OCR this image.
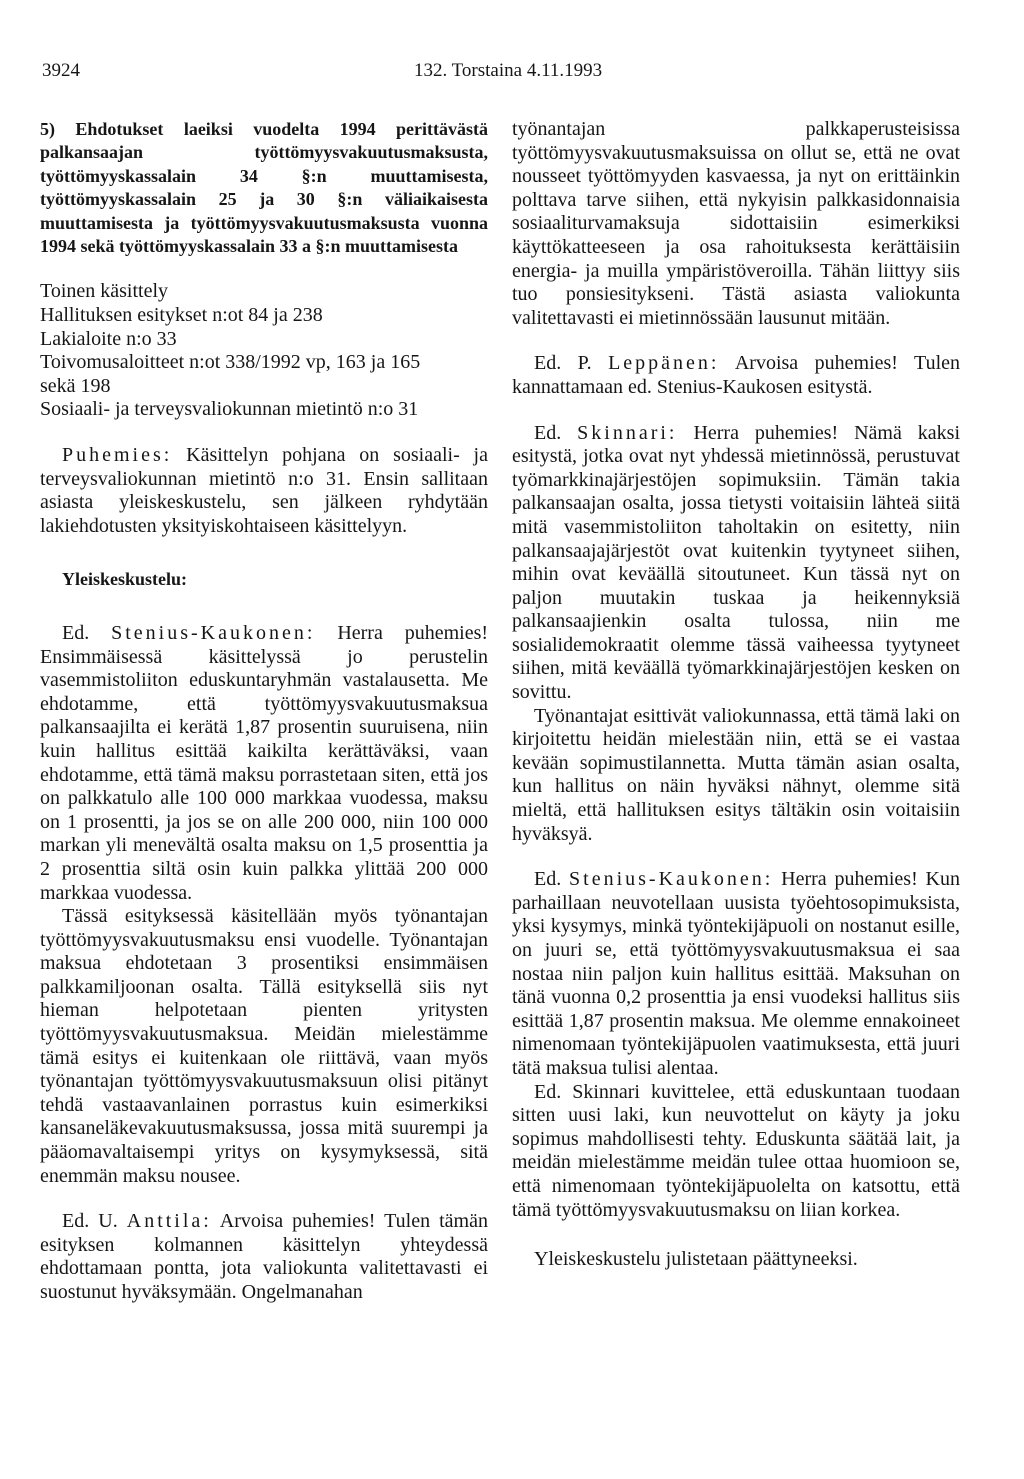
3924	132. Torstaina 4.11.1993

5) Ehdotukset laeiksi vuodelta 1994 perittävästä palkansaajan työttömyysvakuutusmaksusta, työttömyyskassalain 34 §:n muuttamisesta, työttömyyskassalain 25 ja 30 §:n väliaikaisesta muuttamisesta ja työttömyysvakuutusmaksusta vuonna 1994 sekä työttömyyskassalain 33 a §:n muuttamisesta

Toinen käsittely
Hallituksen esitykset n:ot 84 ja 238
Lakialoite n:o 33
Toivomusaloitteet n:ot 338/1992 vp, 163 ja 165
sekä 198
Sosiaali- ja terveysvaliokunnan mietintö n:o 31

Puhemies: Käsittelyn pohjana on sosiaali- ja terveysvaliokunnan mietintö n:o 31. Ensin sallitaan asiasta yleiskeskustelu, sen jälkeen ryhdytään lakiehdotusten yksityiskohtaiseen käsittelyyn.

Yleiskeskustelu:

Ed. Stenius-Kaukonen: Herra puhemies! Ensimmäisessä käsittelyssä jo perustelin vasemmistoliiton eduskuntaryhmän vastalausetta. Me ehdotamme, että työttömyysvakuutusmaksua palkansaajilta ei kerätä 1,87 prosentin suuruisena, niin kuin hallitus esittää kaikilta kerättäväksi, vaan ehdotamme, että tämä maksu porrastetaan siten, että jos on palkkatulo alle 100 000 markkaa vuodessa, maksu on 1 prosentti, ja jos se on alle 200 000, niin 100 000 markan yli menevältä osalta maksu on 1,5 prosenttia ja 2 prosenttia siltä osin kuin palkka ylittää 200 000 markkaa vuodessa.

Tässä esityksessä käsitellään myös työnantajan työttömyysvakuutusmaksu ensi vuodelle. Työnantajan maksua ehdotetaan 3 prosentiksi ensimmäisen palkkamiljoonan osalta. Tällä esityksellä siis nyt hieman helpotetaan pienten yritysten työttömyysvakuutusmaksua. Meidän mielestämme tämä esitys ei kuitenkaan ole riittävä, vaan myös työnantajan työttömyysvakuutusmaksuun olisi pitänyt tehdä vastaavanlainen porrastus kuin esimerkiksi kansaneläkevakuutusmaksussa, jossa mitä suurempi ja pääomavaltaisempi yritys on kysymyksessä, sitä enemmän maksu nousee.

Ed. U. Anttila: Arvoisa puhemies! Tulen tämän esityksen kolmannen käsittelyn yhteydessä ehdottamaan pontta, jota valiokunta valitettavasti ei suostunut hyväksymään. Ongelmanahan

työnantajan palkkaperusteisissa työttömyysvakuutusmaksuissa on ollut se, että ne ovat nousseet työttömyyden kasvaessa, ja nyt on erittäinkin polttava tarve siihen, että nykyisin palkkasidonnaisia sosiaaliturvamaksuja sidottaisiin esimerkiksi käyttökatteeseen ja osa rahoituksesta kerättäisiin energia- ja muilla ympäristöveroilla. Tähän liittyy siis tuo ponsiesitykseni. Tästä asiasta valiokunta valitettavasti ei mietinnössään lausunut mitään.

Ed. P. Leppänen: Arvoisa puhemies! Tulen kannattamaan ed. Stenius-Kaukosen esitystä.

Ed. Skinnari: Herra puhemies! Nämä kaksi esitystä, jotka ovat nyt yhdessä mietinnössä, perustuvat työmarkkinajärjestöjen sopimuksiin. Tämän takia palkansaajan osalta, jossa tietysti voitaisiin lähteä siitä mitä vasemmistoliiton taholtakin on esitetty, niin palkansaajajärjestöt ovat kuitenkin tyytyneet siihen, mihin ovat keväällä sitoutuneet. Kun tässä nyt on paljon muutakin tuskaa ja heikennyksiä palkansaajienkin osalta tulossa, niin me sosialidemokraatit olemme tässä vaiheessa tyytyneet siihen, mitä keväällä työmarkkinajärjestöjen kesken on sovittu.

Työnantajat esittivät valiokunnassa, että tämä laki on kirjoitettu heidän mielestään niin, että se ei vastaa kevään sopimustilannetta. Mutta tämän asian osalta, kun hallitus on näin hyväksi nähnyt, olemme sitä mieltä, että hallituksen esitys tältäkin osin voitaisiin hyväksyä.

Ed. Stenius-Kaukonen: Herra puhemies! Kun parhaillaan neuvotellaan uusista työehtosopimuksista, yksi kysymys, minkä työntekijäpuoli on nostanut esille, on juuri se, että työttömyysvakuutusmaksua ei saa nostaa niin paljon kuin hallitus esittää. Maksuhan on tänä vuonna 0,2 prosenttia ja ensi vuodeksi hallitus siis esittää 1,87 prosentin maksua. Me olemme ennakoineet nimenomaan työntekijäpuolen vaatimuksesta, että juuri tätä maksua tulisi alentaa.

Ed. Skinnari kuvittelee, että eduskuntaan tuodaan sitten uusi laki, kun neuvottelut on käyty ja joku sopimus mahdollisesti tehty. Eduskunta säätää lait, ja meidän mielestämme meidän tulee ottaa huomioon se, että nimenomaan työntekijäpuolelta on katsottu, että tämä työttömyysvakuutusmaksu on liian korkea.

Yleiskeskustelu julistetaan päättyneeksi.
